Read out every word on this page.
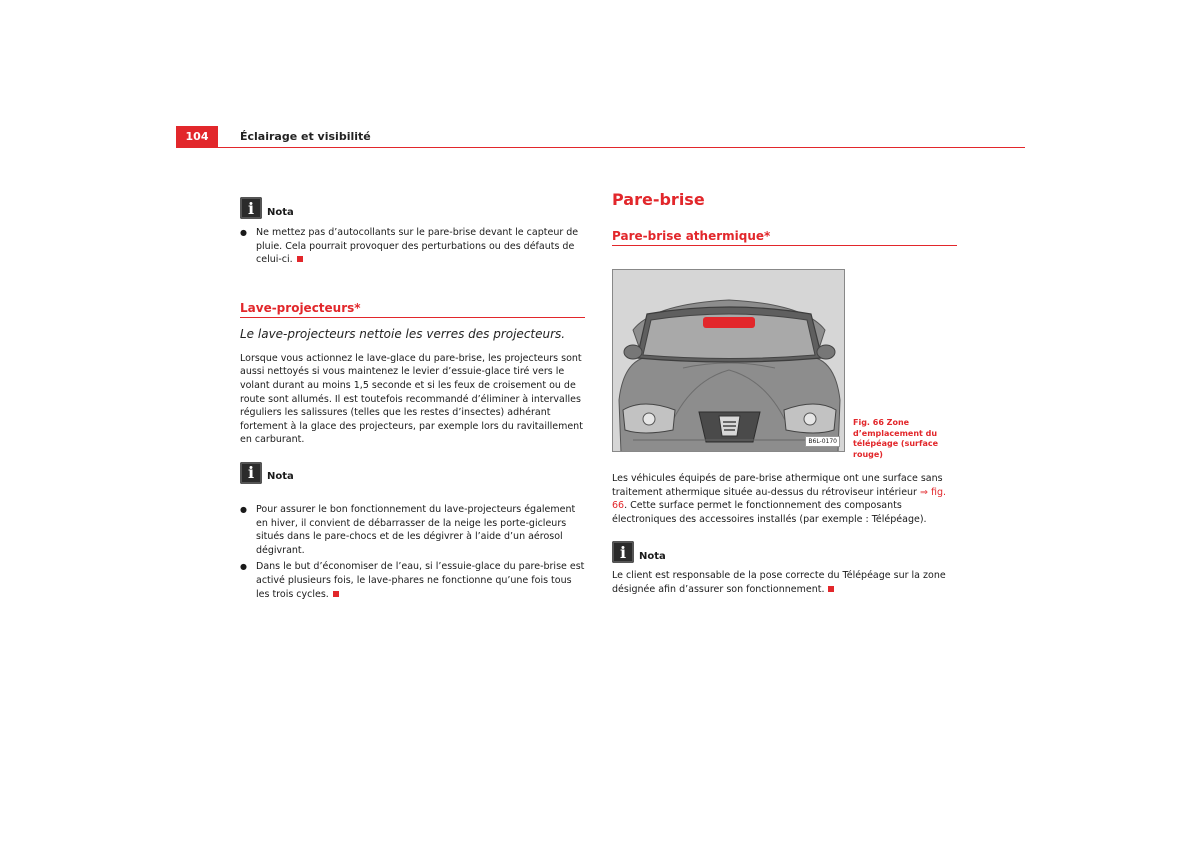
104	Éclairage et visibilité
i	Nota

● Ne mettez pas d’autocollants sur le pare-brise devant le capteur de pluie. Cela pourrait provoquer des perturbations ou des défauts de celui-ci.

Lave-projecteurs*

Le lave-projecteurs nettoie les verres des projecteurs.

Lorsque vous actionnez le lave-glace du pare-brise, les projecteurs sont aussi nettoyés si vous maintenez le levier d’essuie-glace tiré vers le volant durant au moins 1,5 seconde et si les feux de croisement ou de route sont allumés. Il est toutefois recommandé d’éliminer à intervalles réguliers les salissures (telles que les restes d’insectes) adhérant fortement à la glace des projecteurs, par exemple lors du ravitaillement en carburant.

i	Nota

● Pour assurer le bon fonctionnement du lave-projecteurs également en hiver, il convient de débarrasser de la neige les porte-gicleurs situés dans le pare-chocs et de les dégivrer à l’aide d’un aérosol dégivrant.

● Dans le but d’économiser de l’eau, si l’essuie-glace du pare-brise est activé plusieurs fois, le lave-phares ne fonctionne qu’une fois tous les trois cycles.

Pare-brise
Pare-brise athermique*
B6L-0170
Fig. 66 Zone d’emplacement du télépéage (surface rouge)

Les véhicules équipés de pare-brise athermique ont une surface sans traitement athermique située au-dessus du rétroviseur intérieur ⇒ fig. 66. Cette surface permet le fonctionnement des composants électroniques des accessoires installés (par exemple : Télépéage).

i	Nota

Le client est responsable de la pose correcte du Télépéage sur la zone désignée afin d’assurer son fonctionnement.
